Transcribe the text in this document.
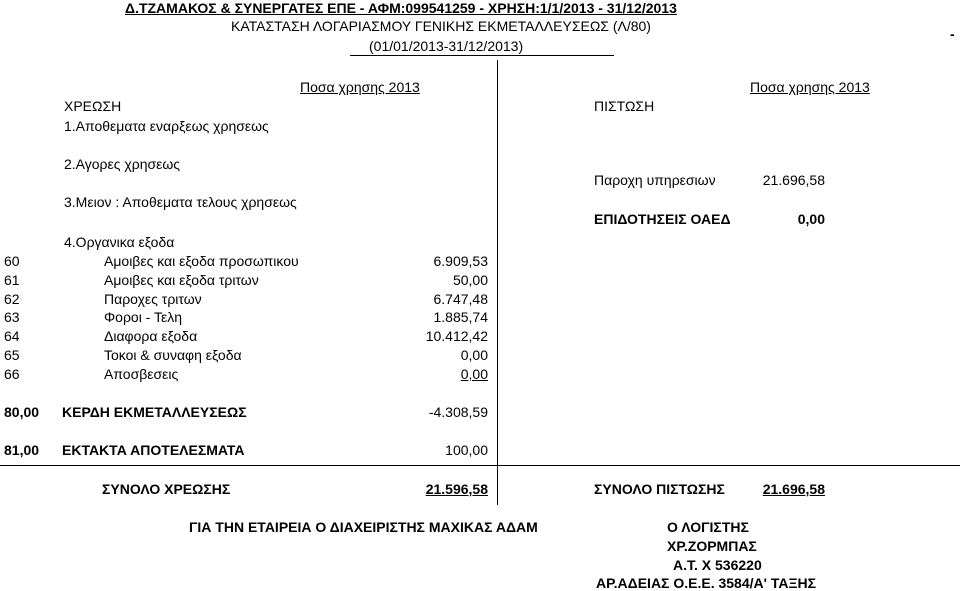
Δ.ΤΖΑΜΑΚΟΣ & ΣΥΝΕΡΓΑΤΕΣ ΕΠΕ - ΑΦΜ:099541259 - ΧΡΗΣΗ:1/1/2013 - 31/12/2013
ΚΑΤΑΣΤΑΣΗ ΛΟΓΑΡΙΑΣΜΟΥ ΓΕΝΙΚΗΣ ΕΚΜΕΤΑΛΛΕΥΣΕΩΣ (Λ/80)
(01/01/2013-31/12/2013)
-
Ποσα χρησης 2013
ΧΡΕΩΣΗ
1.Αποθεματα εναρξεως χρησεως
2.Αγορες χρησεως
3.Μειον : Αποθεματα τελους χρησεως
4.Οργανικα εξοδα
60	Αμοιβες και εξοδα προσωπικου	6.909,53
61	Αμοιβες και εξοδα τριτων	50,00
62	Παροχες τριτων	6.747,48
63	Φοροι - Τελη	1.885,74
64	Διαφορα εξοδα	10.412,42
65	Τοκοι & συναφη εξοδα	0,00
66	Αποσβεσεις	0,00
80,00 ΚΕΡΔΗ ΕΚΜΕΤΑΛΛΕΥΣΕΩΣ	-4.308,59
81,00 ΕΚΤΑΚΤΑ ΑΠΟΤΕΛΕΣΜΑΤΑ	100,00
ΣΥΝΟΛΟ ΧΡΕΩΣΗΣ	21.596,58
Ποσα χρησης 2013
ΠΙΣΤΩΣΗ
Παροχη υπηρεσιων	21.696,58
ΕΠΙΔΟΤΗΣΕΙΣ ΟΑΕΔ	0,00
ΣΥΝΟΛΟ ΠΙΣΤΩΣΗΣ	21.696,58
ΓΙΑ ΤΗΝ ΕΤΑΙΡΕΙΑ Ο ΔΙΑΧΕΙΡΙΣΤΗΣ ΜΑΧΙΚΑΣ ΑΔΑΜ	Ο ΛΟΓΙΣΤΗΣ
ΧΡ.ΖΟΡΜΠΑΣ
Α.Τ. Χ 536220
ΑΡ.ΑΔΕΙΑΣ Ο.Ε.Ε. 3584/Α' ΤΑΞΗΣ
